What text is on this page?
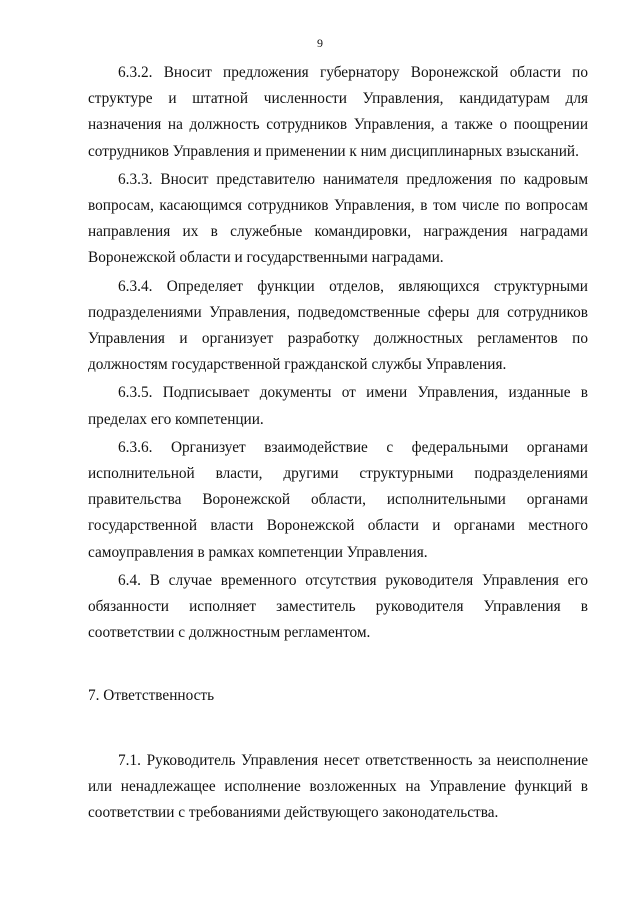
9

6.3.2. Вносит предложения губернатору Воронежской области по структуре и штатной численности Управления, кандидатурам для назначения на должность сотрудников Управления, а также о поощрении сотрудников Управления и применении к ним дисциплинарных взысканий.

6.3.3. Вносит представителю нанимателя предложения по кадровым вопросам, касающимся сотрудников Управления, в том числе по вопросам направления их в служебные командировки, награждения наградами Воронежской области и государственными наградами.

6.3.4. Определяет функции отделов, являющихся структурными подразделениями Управления, подведомственные сферы для сотрудников Управления и организует разработку должностных регламентов по должностям государственной гражданской службы Управления.

6.3.5. Подписывает документы от имени Управления, изданные в пределах его компетенции.

6.3.6. Организует взаимодействие с федеральными органами исполнительной власти, другими структурными подразделениями правительства Воронежской области, исполнительными органами государственной власти Воронежской области и органами местного самоуправления в рамках компетенции Управления.

6.4. В случае временного отсутствия руководителя Управления его обязанности исполняет заместитель руководителя Управления в соответствии с должностным регламентом.

7. Ответственность

7.1. Руководитель Управления несет ответственность за неисполнение или ненадлежащее исполнение возложенных на Управление функций в соответствии с требованиями действующего законодательства.
